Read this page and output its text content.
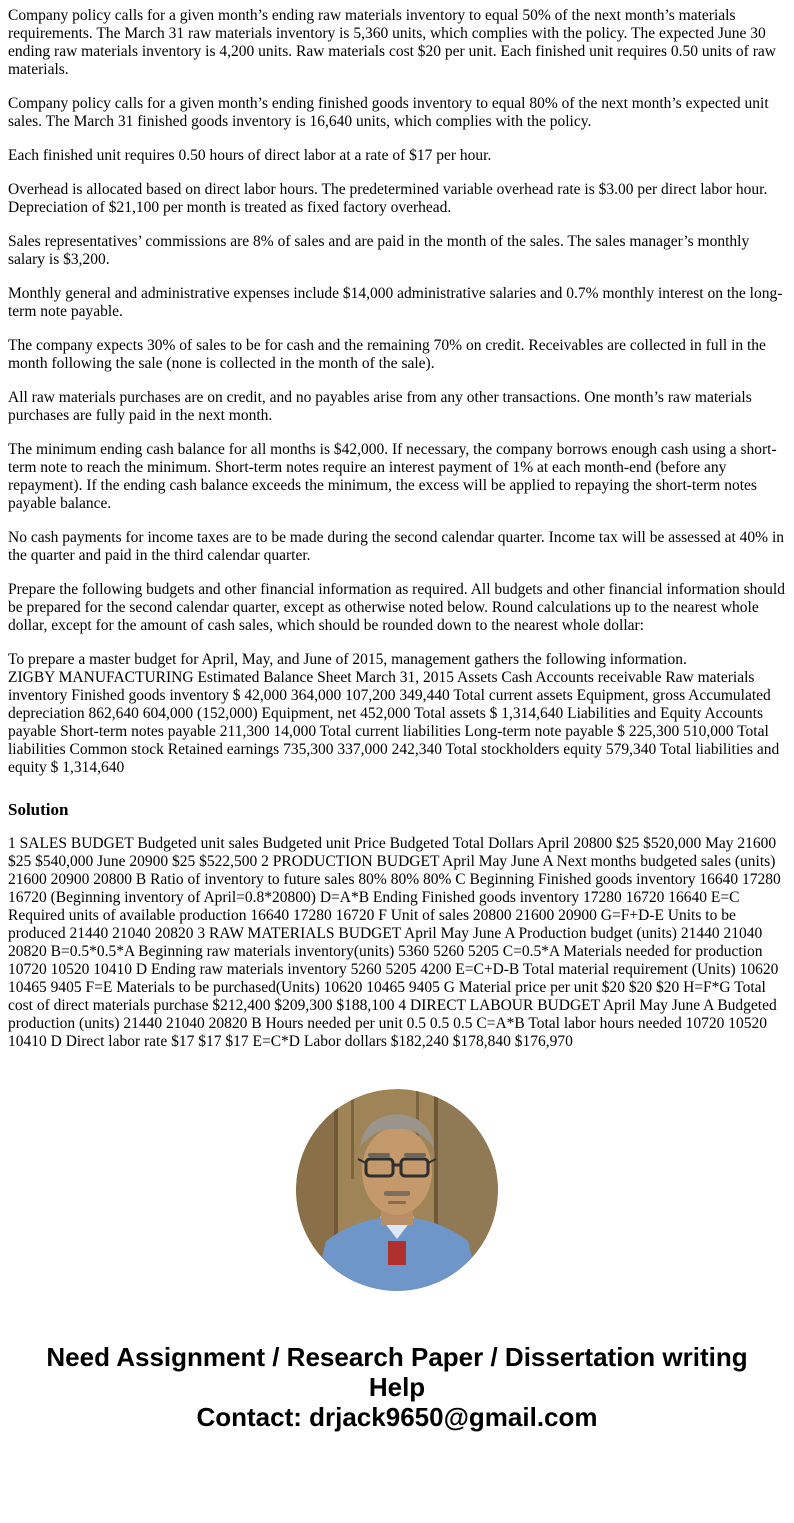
Company policy calls for a given month’s ending raw materials inventory to equal 50% of the next month’s materials requirements. The March 31 raw materials inventory is 5,360 units, which complies with the policy. The expected June 30 ending raw materials inventory is 4,200 units. Raw materials cost $20 per unit. Each finished unit requires 0.50 units of raw materials.

Company policy calls for a given month’s ending finished goods inventory to equal 80% of the next month’s expected unit sales. The March 31 finished goods inventory is 16,640 units, which complies with the policy.

Each finished unit requires 0.50 hours of direct labor at a rate of $17 per hour.

Overhead is allocated based on direct labor hours. The predetermined variable overhead rate is $3.00 per direct labor hour. Depreciation of $21,100 per month is treated as fixed factory overhead.

Sales representatives’ commissions are 8% of sales and are paid in the month of the sales. The sales manager’s monthly salary is $3,200.

Monthly general and administrative expenses include $14,000 administrative salaries and 0.7% monthly interest on the long-term note payable.

The company expects 30% of sales to be for cash and the remaining 70% on credit. Receivables are collected in full in the month following the sale (none is collected in the month of the sale).

All raw materials purchases are on credit, and no payables arise from any other transactions. One month’s raw materials purchases are fully paid in the next month.

The minimum ending cash balance for all months is $42,000. If necessary, the company borrows enough cash using a short-term note to reach the minimum. Short-term notes require an interest payment of 1% at each month-end (before any repayment). If the ending cash balance exceeds the minimum, the excess will be applied to repaying the short-term notes payable balance.

No cash payments for income taxes are to be made during the second calendar quarter. Income tax will be assessed at 40% in the quarter and paid in the third calendar quarter.

Prepare the following budgets and other financial information as required. All budgets and other financial information should be prepared for the second calendar quarter, except as otherwise noted below. Round calculations up to the nearest whole dollar, except for the amount of cash sales, which should be rounded down to the nearest whole dollar:

To prepare a master budget for April, May, and June of 2015, management gathers the following information.
ZIGBY MANUFACTURING Estimated Balance Sheet March 31, 2015 Assets Cash Accounts receivable Raw materials inventory Finished goods inventory $ 42,000 364,000 107,200 349,440 Total current assets Equipment, gross Accumulated depreciation 862,640 604,000 (152,000) Equipment, net 452,000 Total assets $ 1,314,640 Liabilities and Equity Accounts payable Short-term notes payable 211,300 14,000 Total current liabilities Long-term note payable $ 225,300 510,000 Total liabilities Common stock Retained earnings 735,300 337,000 242,340 Total stockholders equity 579,340 Total liabilities and equity $ 1,314,640
Solution

1 SALES BUDGET Budgeted unit sales Budgeted unit Price Budgeted Total Dollars April 20800 $25 $520,000 May 21600 $25 $540,000 June 20900 $25 $522,500 2 PRODUCTION BUDGET April May June A Next months budgeted sales (units) 21600 20900 20800 B Ratio of inventory to future sales 80% 80% 80% C Beginning Finished goods inventory 16640 17280 16720 (Beginning inventory of April=0.8*20800) D=A*B Ending Finished goods inventory 17280 16720 16640 E=C Required units of available production 16640 17280 16720 F Unit of sales 20800 21600 20900 G=F+D-E Units to be produced 21440 21040 20820 3 RAW MATERIALS BUDGET April May June A Production budget (units) 21440 21040 20820 B=0.5*0.5*A Beginning raw materials inventory(units) 5360 5260 5205 C=0.5*A Materials needed for production 10720 10520 10410 D Ending raw materials inventory 5260 5205 4200 E=C+D-B Total material requirement (Units) 10620 10465 9405 F=E Materials to be purchased(Units) 10620 10465 9405 G Material price per unit $20 $20 $20 H=F*G Total cost of direct materials purchase $212,400 $209,300 $188,100 4 DIRECT LABOUR BUDGET April May June A Budgeted production (units) 21440 21040 20820 B Hours needed per unit 0.5 0.5 0.5 C=A*B Total labor hours needed 10720 10520 10410 D Direct labor rate $17 $17 $17 E=C*D Labor dollars $182,240 $178,840 $176,970

Need Assignment / Research Paper / Dissertation writing Help
Contact: drjack9650@gmail.com
